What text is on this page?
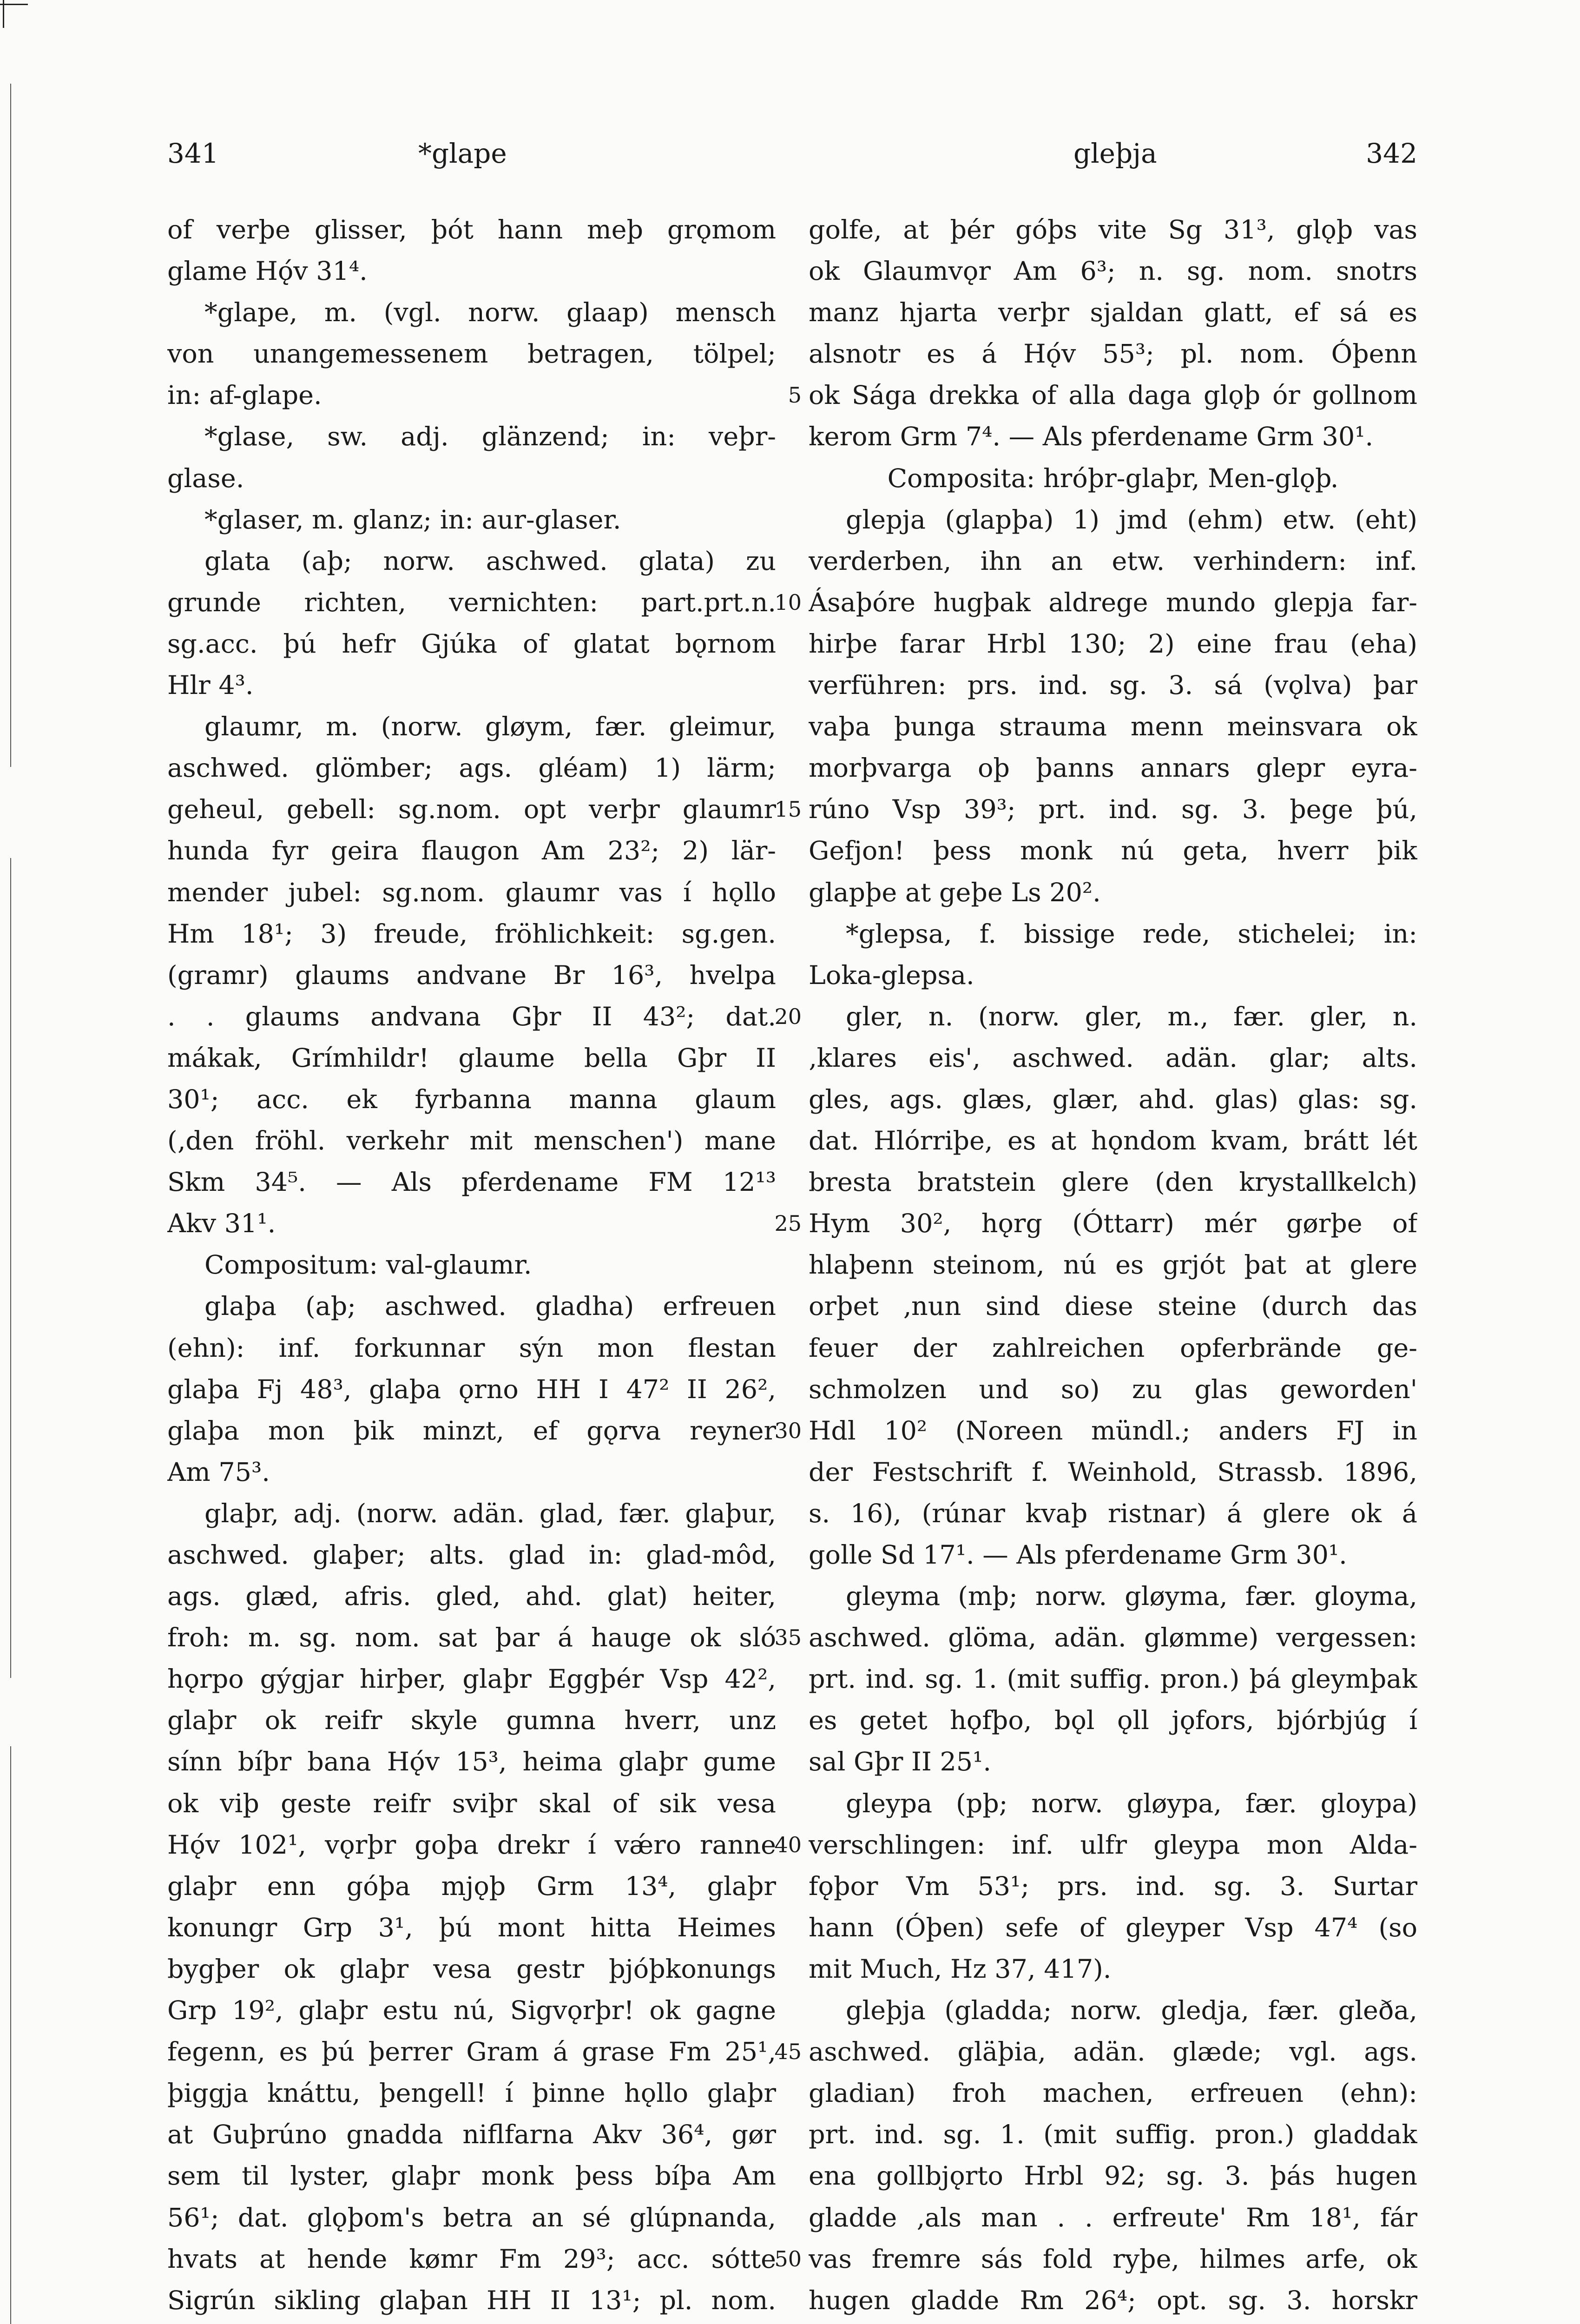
341	*glape	gleþja	342
of verþe glisser, þót hann meþ grǫmom
glame Hǫ́v 31⁴.
*glape, m. (vgl. norw. glaap) mensch
von unangemessenem betragen, tölpel;
in: af-glape.
*glase, sw. adj. glänzend; in: veþr-
glase.
*glaser, m. glanz; in: aur-glaser.
glata (aþ; norw. aschwed. glata) zu
grunde richten, vernichten: part.prt.n.
sg.acc. þú hefr Gjúka of glatat bǫrnom
Hlr 4³.
glaumr, m. (norw. gløym, fær. gleimur,
aschwed. glömber; ags. gléam) 1) lärm;
geheul, gebell: sg.nom. opt verþr glaumr
hunda fyr geira flaugon Am 23²; 2) lär-
mender jubel: sg.nom. glaumr vas í hǫllo
Hm 18¹; 3) freude, fröhlichkeit: sg.gen.
(gramr) glaums andvane Br 16³, hvelpa
. . glaums andvana Gþr II 43²; dat.
mákak, Grímhildr! glaume bella Gþr II
30¹; acc. ek fyrbanna manna glaum
(‚den fröhl. verkehr mit menschen') mane
Skm 34⁵. — Als pferdename FM 12¹³
Akv 31¹.
Compositum: val-glaumr.
glaþa (aþ; aschwed. gladha) erfreuen
(ehn): inf. forkunnar sýn mon flestan
glaþa Fj 48³, glaþa ǫrno HH I 47² II 26²,
glaþa mon þik minzt, ef gǫrva reyner
Am 75³.
glaþr, adj. (norw. adän. glad, fær. glaþur,
aschwed. glaþer; alts. glad in: glad-môd,
ags. glæd, afris. gled, ahd. glat) heiter,
froh: m. sg. nom. sat þar á hauge ok sló
hǫrpo gýgjar hirþer, glaþr Eggþér Vsp 42²,
glaþr ok reifr skyle gumna hverr, unz
sínn bíþr bana Hǫ́v 15³, heima glaþr gume
ok viþ geste reifr sviþr skal of sik vesa
Hǫ́v 102¹, vǫrþr goþa drekr í vǽro ranne
glaþr enn góþa mjǫþ Grm 13⁴, glaþr
konungr Grp 3¹, þú mont hitta Heimes
bygþer ok glaþr vesa gestr þjóþkonungs
Grp 19², glaþr estu nú, Sigvǫrþr! ok gagne
fegenn, es þú þerrer Gram á grase Fm 25¹,
þiggja knáttu, þengell! í þinne hǫllo glaþr
at Guþrúno gnadda niflfarna Akv 36⁴, gør
sem til lyster, glaþr monk þess bíþa Am
56¹; dat. glǫþom's betra an sé glúpnanda,
hvats at hende kømr Fm 29³; acc. sótte
Sigrún sikling glaþan HH II 13¹; pl. nom.
5
10
15
20
25
30
35
40
45
50
golfe, at þér góþs vite Sg 31³, glǫþ vas
ok Glaumvǫr Am 6³; n. sg. nom. snotrs
manz hjarta verþr sjaldan glatt, ef sá es
alsnotr es á Hǫ́v 55³; pl. nom. Óþenn
ok Sága drekka of alla daga glǫþ ór gollnom
kerom Grm 7⁴. — Als pferdename Grm 30¹.
Composita: hróþr-glaþr, Men-glǫþ.
glepja (glapþa) 1) jmd (ehm) etw. (eht)
verderben, ihn an etw. verhindern: inf.
Ásaþóre hugþak aldrege mundo glepja far-
hirþe farar Hrbl 130; 2) eine frau (eha)
verführen: prs. ind. sg. 3. sá (vǫlva) þar
vaþa þunga strauma menn meinsvara ok
morþvarga oþ þanns annars glepr eyra-
rúno Vsp 39³; prt. ind. sg. 3. þege þú,
Gefjon! þess monk nú geta, hverr þik
glapþe at geþe Ls 20².
*glepsa, f. bissige rede, stichelei; in:
Loka-glepsa.
gler, n. (norw. gler, m., fær. gler, n.
‚klares eis', aschwed. adän. glar; alts.
gles, ags. glæs, glær, ahd. glas) glas: sg.
dat. Hlórriþe, es at hǫndom kvam, brátt lét
bresta bratstein glere (den krystallkelch)
Hym 30², hǫrg (Óttarr) mér gørþe of
hlaþenn steinom, nú es grjót þat at glere
orþet ‚nun sind diese steine (durch das
feuer der zahlreichen opferbrände ge-
schmolzen und so) zu glas geworden'
Hdl 10² (Noreen mündl.; anders FJ in
der Festschrift f. Weinhold, Strassb. 1896,
s. 16), (rúnar kvaþ ristnar) á glere ok á
golle Sd 17¹. — Als pferdename Grm 30¹.
gleyma (mþ; norw. gløyma, fær. gloyma,
aschwed. glöma, adän. glømme) vergessen:
prt. ind. sg. 1. (mit suffig. pron.) þá gleymþak
es getet hǫfþo, bǫl ǫll jǫfors, bjórbjúg í
sal Gþr II 25¹.
gleypa (pþ; norw. gløypa, fær. gloypa)
verschlingen: inf. ulfr gleypa mon Alda-
fǫþor Vm 53¹; prs. ind. sg. 3. Surtar
hann (Óþen) sefe of gleyper Vsp 47⁴ (so
mit Much, Hz 37, 417).
gleþja (gladda; norw. gledja, fær. gleða,
aschwed. gläþia, adän. glæde; vgl. ags.
gladian) froh machen, erfreuen (ehn):
prt. ind. sg. 1. (mit suffig. pron.) gladdak
ena gollbjǫrto Hrbl 92; sg. 3. þás hugen
gladde ‚als man . . erfreute' Rm 18¹, fár
vas fremre sás fold ryþe, hilmes arfe, ok
hugen gladde Rm 26⁴; opt. sg. 3. horskr
